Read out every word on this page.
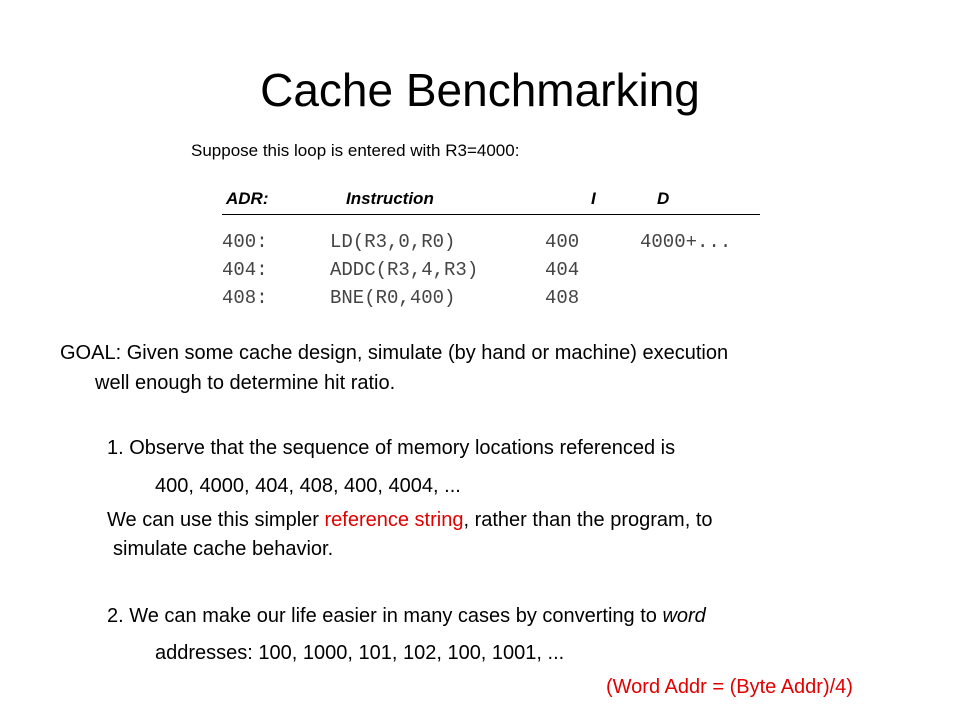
Cache Benchmarking
Suppose this loop is entered with R3=4000:
ADR:	Instruction	I	D
400:	LD(R3,0,R0)	400	4000+...
404:	ADDC(R3,4,R3)	404
408:	BNE(R0,400)	408
GOAL: Given some cache design, simulate (by hand or machine) execution
well enough to determine hit ratio.
1. Observe that the sequence of memory locations referenced is
400, 4000, 404, 408, 400, 4004, ...
We can use this simpler reference string, rather than the program, to
simulate cache behavior.
2. We can make our life easier in many cases by converting to word
addresses: 100, 1000, 101, 102, 100, 1001, ...
(Word Addr = (Byte Addr)/4)
